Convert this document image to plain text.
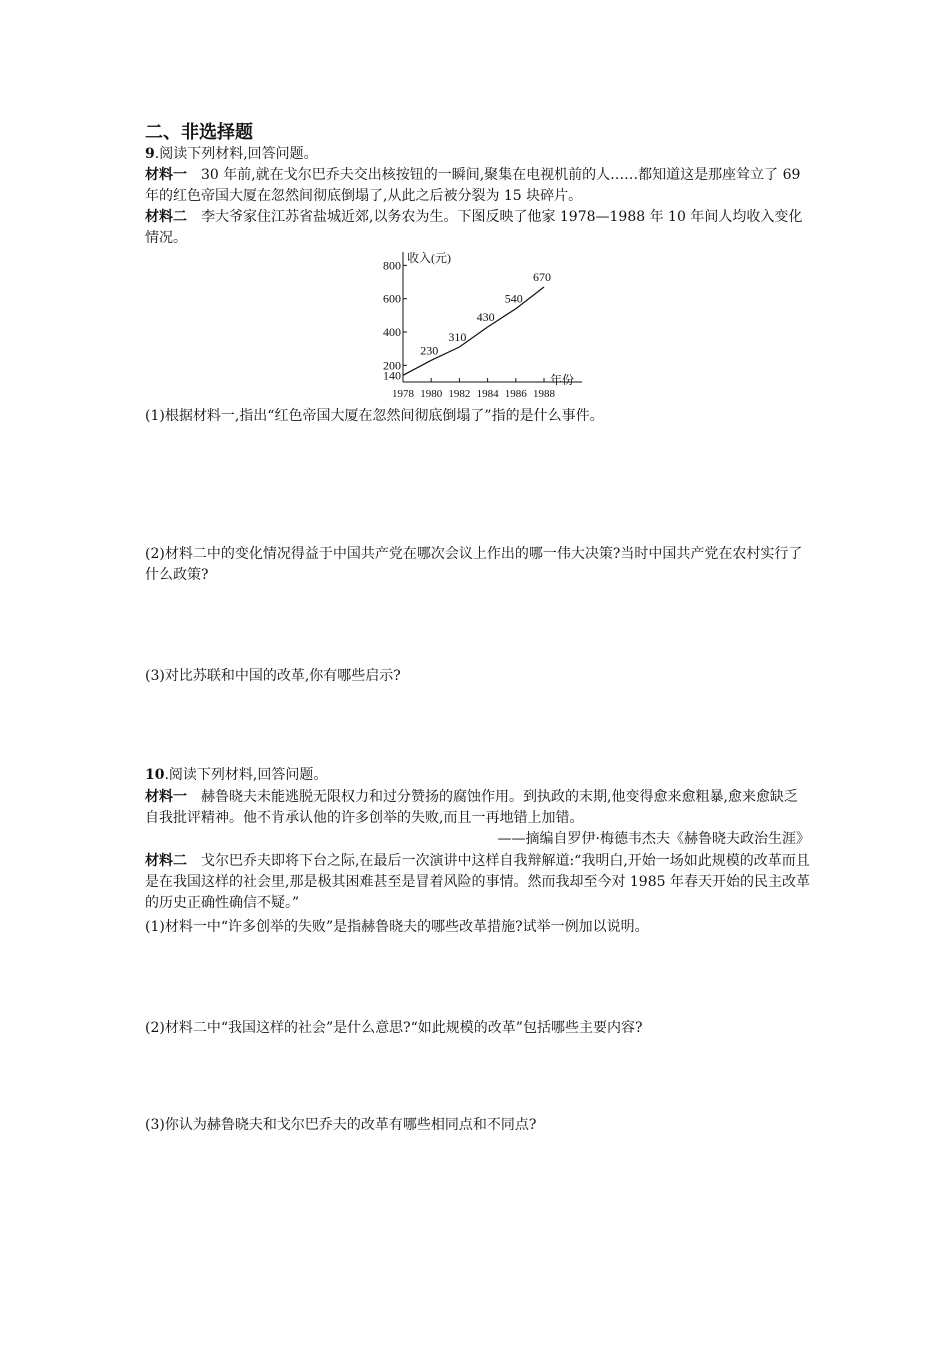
二、非选择题
9.阅读下列材料,回答问题。
材料一 30 年前,就在戈尔巴乔夫交出核按钮的一瞬间,聚集在电视机前的人……都知道这是那座耸立了 69 年的红色帝国大厦在忽然间彻底倒塌了,从此之后被分裂为 15 块碎片。
材料二 李大爷家住江苏省盐城近郊,以务农为生。下图反映了他家 1978—1988 年 10 年间人均收入变化情况。
收入(元)
年份
200
400
600
800
1978 1980 1982 1984 1986 1988
140
230
310
430
540
670
(1)根据材料一,指出“红色帝国大厦在忽然间彻底倒塌了”指的是什么事件。
(2)材料二中的变化情况得益于中国共产党在哪次会议上作出的哪一伟大决策?当时中国共产党在农村实行了什么政策?
(3)对比苏联和中国的改革,你有哪些启示?
10.阅读下列材料,回答问题。
材料一 赫鲁晓夫未能逃脱无限权力和过分赞扬的腐蚀作用。到执政的末期,他变得愈来愈粗暴,愈来愈缺乏自我批评精神。他不肯承认他的许多创举的失败,而且一再地错上加错。
——摘编自罗伊·梅德韦杰夫《赫鲁晓夫政治生涯》
材料二 戈尔巴乔夫即将下台之际,在最后一次演讲中这样自我辩解道:“我明白,开始一场如此规模的改革而且是在我国这样的社会里,那是极其困难甚至是冒着风险的事情。然而我却至今对 1985 年春天开始的民主改革的历史正确性确信不疑。”
(1)材料一中“许多创举的失败”是指赫鲁晓夫的哪些改革措施?试举一例加以说明。
(2)材料二中“我国这样的社会”是什么意思?“如此规模的改革”包括哪些主要内容?
(3)你认为赫鲁晓夫和戈尔巴乔夫的改革有哪些相同点和不同点?
